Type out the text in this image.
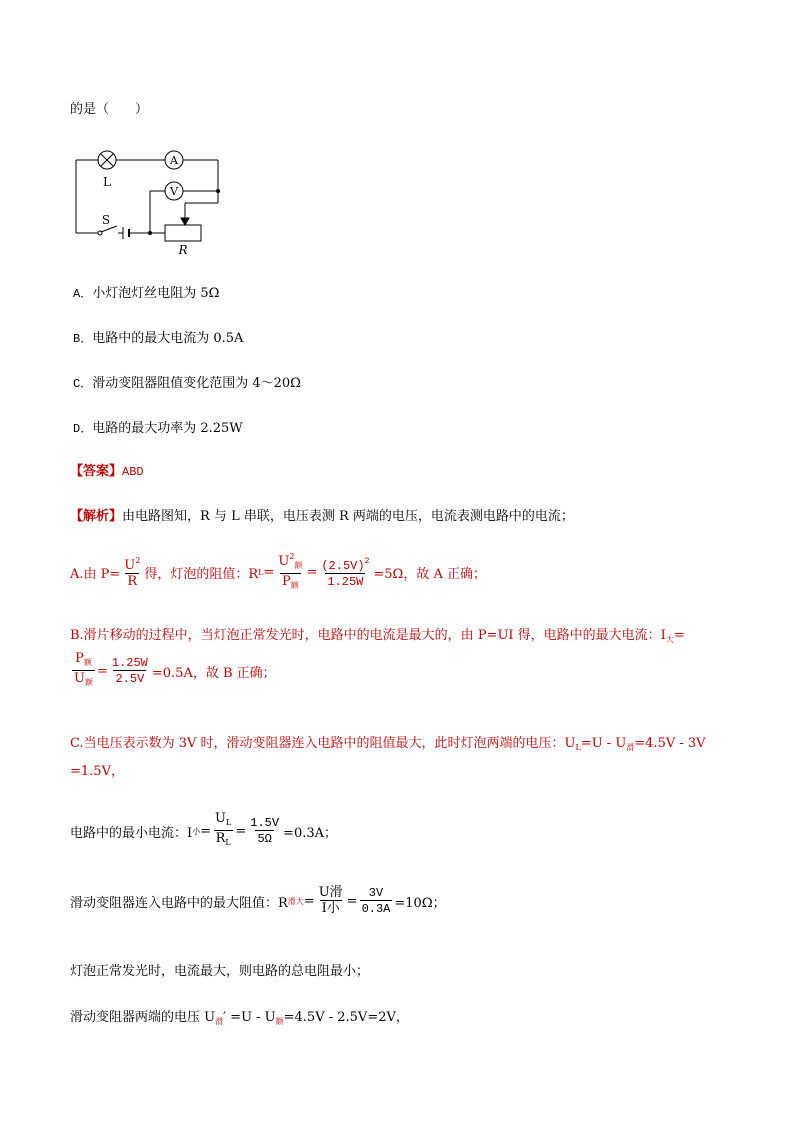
的是（　　）
A
V
L
S
R
A．小灯泡灯丝电阻为 5Ω
B．电路中的最大电流为 0.5A
C．滑动变阻器阻值变化范围为 4～20Ω
D．电路的最大功率为 2.25W
【答案】ABD
【解析】由电路图知，R 与 L 串联，电压表测 R 两端的电压，电流表测电路中的电流；
A.由 $P= \frac{U^2}{R}$ 得，灯泡的阻值：R $L = \frac{U^2_额}{P_额} = \frac{(2.5V)^2}{1.25W} =5\Omega$，故 A 正确；
B.滑片移动的过程中，当灯泡正常发光时，电路中的电流是最大的，由 P=UI 得，电路中的最大电流：$I_大=$
$\frac{P_额}{U_额} = \frac{1.25W}{2.5V} =0.5A$，故 B 正确；
C.当电压表示数为 3V 时，滑动变阻器连入电路中的阻值最大，此时灯泡两端的电压：$U_L=U - U_滑=4.5V - 3V$
=1.5V，
电路中的最小电流：I 小 = $\frac{U_L}{R_L} = \frac{1.5V}{5\Omega} =0.3A$；
滑动变阻器连入电路中的最大阻值：R 滑大 = $\frac{\text{U滑}}{\text{I小}} = \frac{3V}{0.3A} =10\Omega$；
灯泡正常发光时，电流最大，则电路的总电阻最小；
滑动变阻器两端的电压 $U_滑' =U - U_额=4.5V - 2.5V=2V$，
